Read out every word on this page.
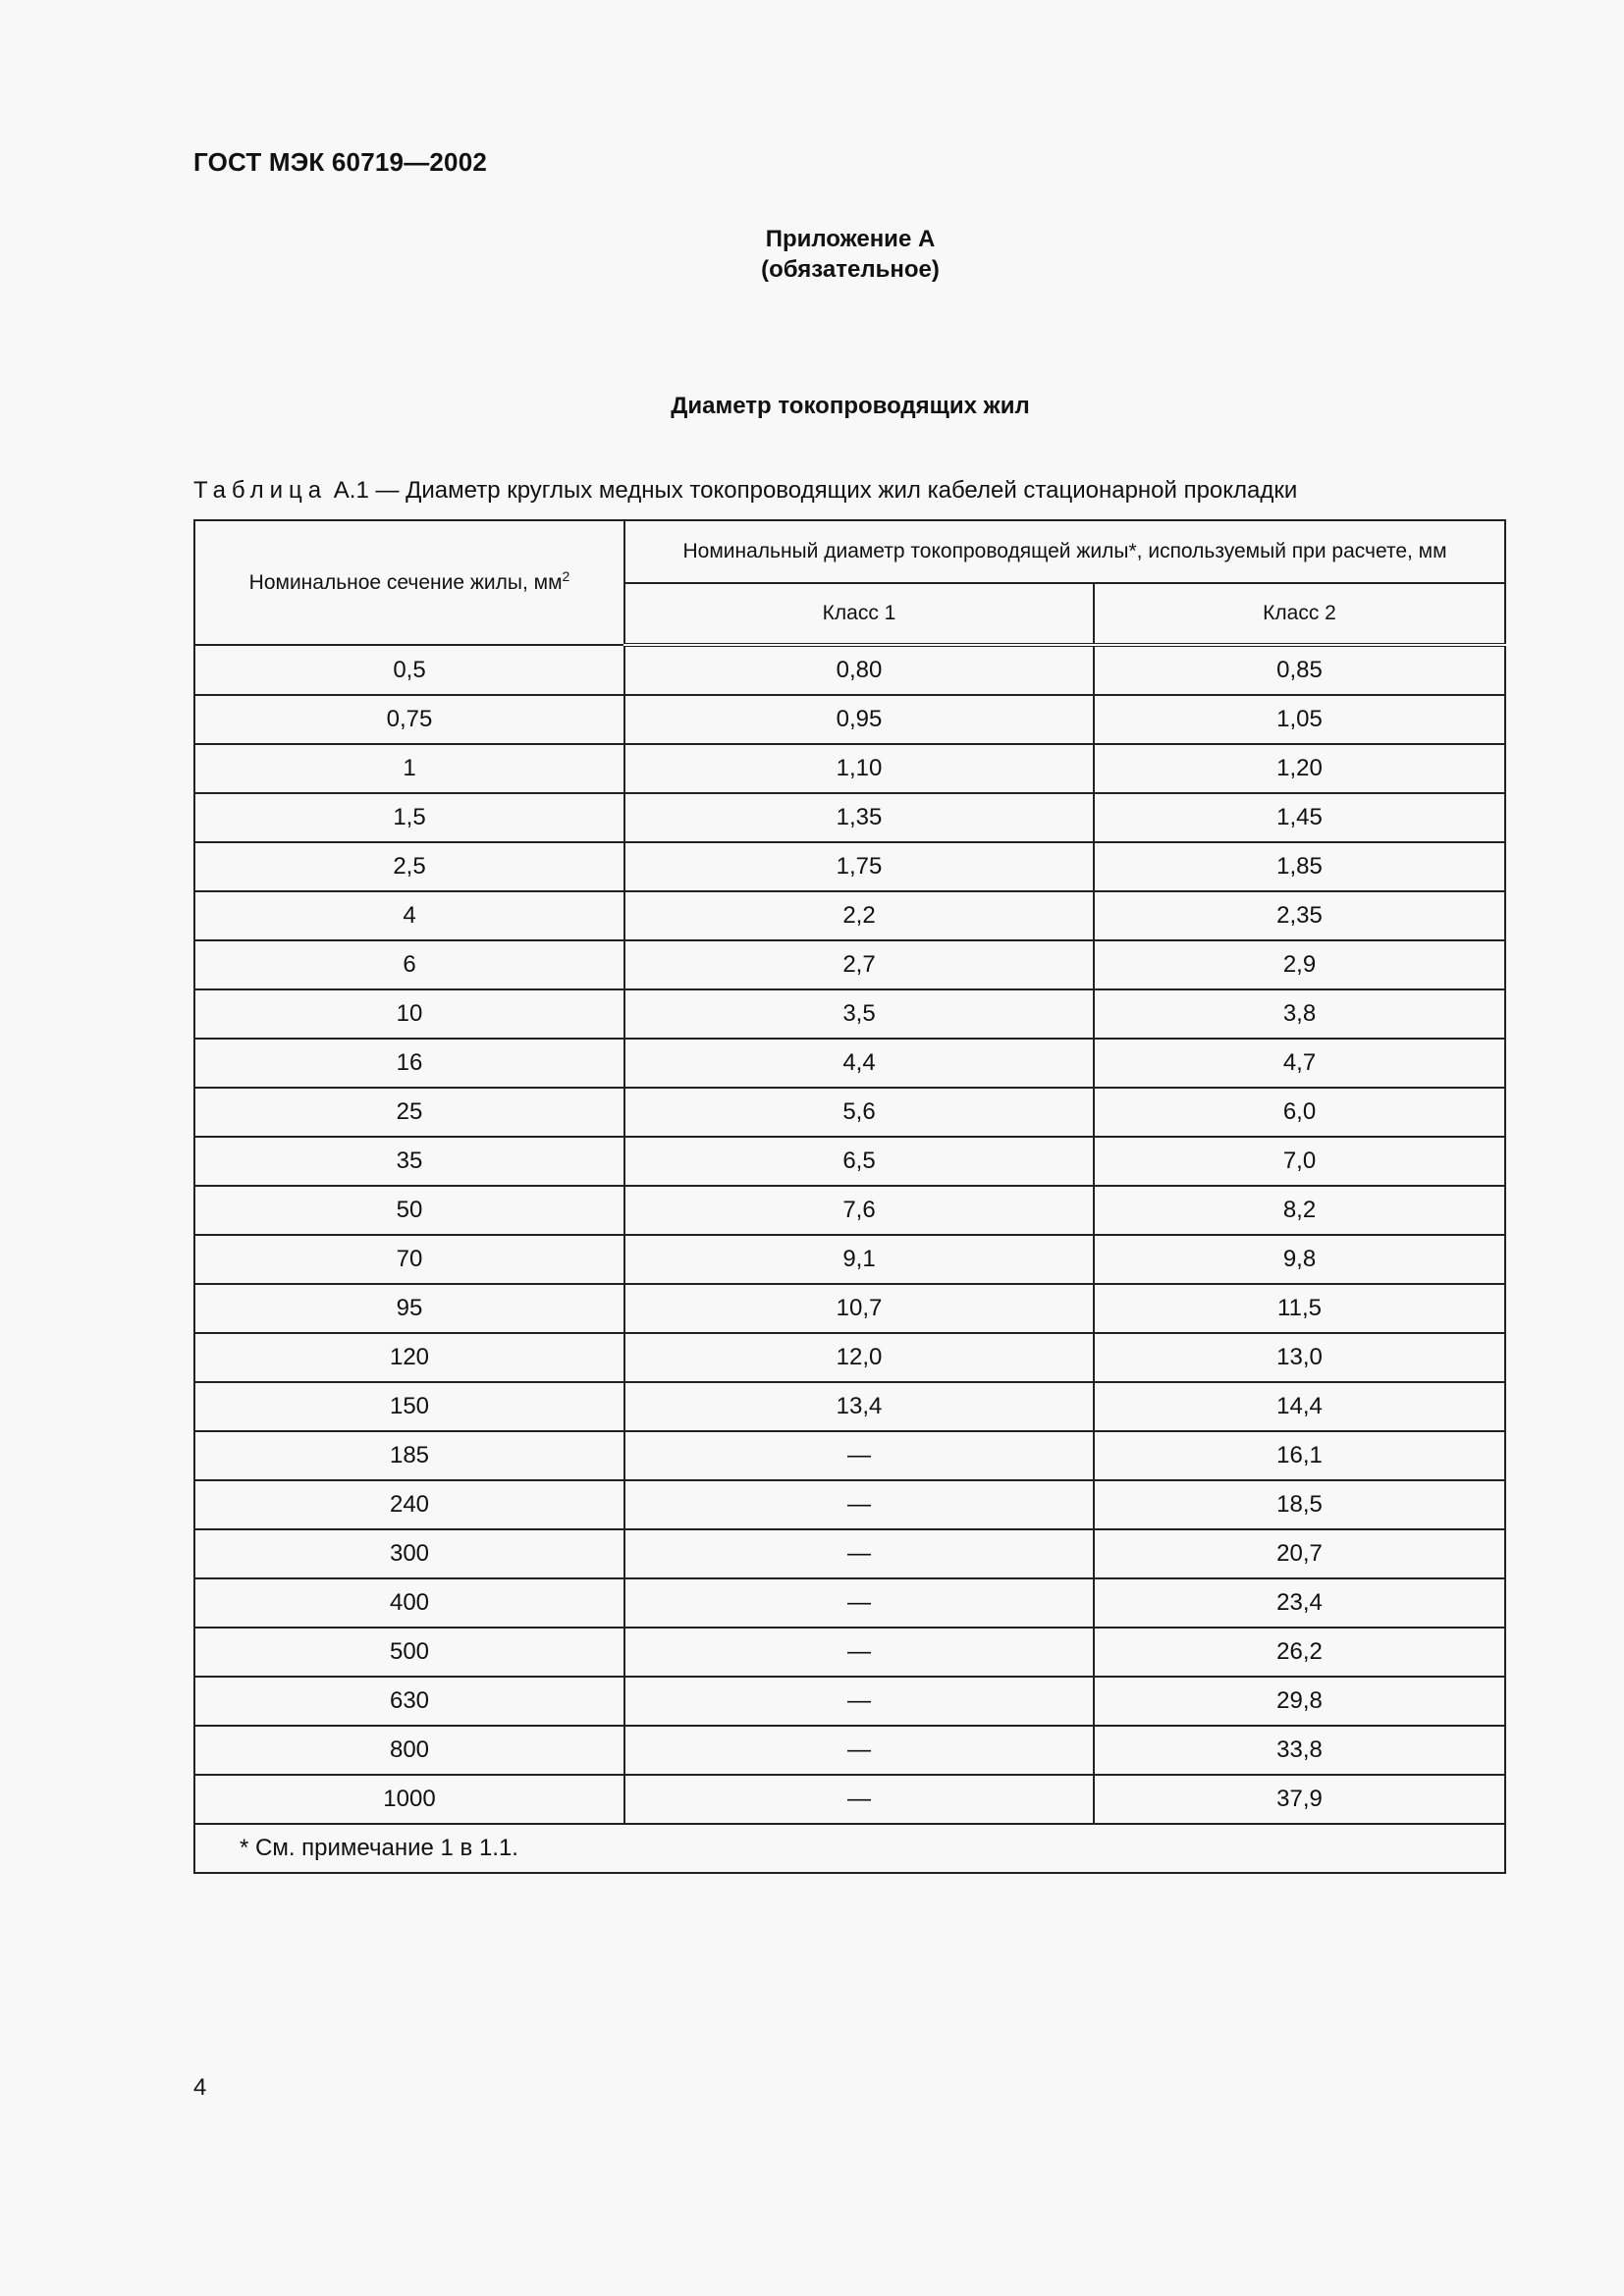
ГОСТ МЭК 60719—2002
Приложение А
(обязательное)
Диаметр токопроводящих жил
Таблица А.1 — Диаметр круглых медных токопроводящих жил кабелей стационарной прокладки
Номинальное сечение жилы, $мм^2$	Номинальный диаметр токопроводящей жилы*, используемый при расчете, мм	
	Класс 1	Класс 2
0,5	0,80	0,85
0,75	0,95	1,05
1	1,10	1,20
1,5	1,35	1,45
2,5	1,75	1,85
4	2,2	2,35
6	2,7	2,9
10	3,5	3,8
16	4,4	4,7
25	5,6	6,0
35	6,5	7,0
50	7,6	8,2
70	9,1	9,8
95	10,7	11,5
120	12,0	13,0
150	13,4	14,4
185	—	16,1
240	—	18,5
300	—	20,7
400	—	23,4
500	—	26,2
630	—	29,8
800	—	33,8
1000	—	37,9
* См. примечание 1 в 1.1.		
4
